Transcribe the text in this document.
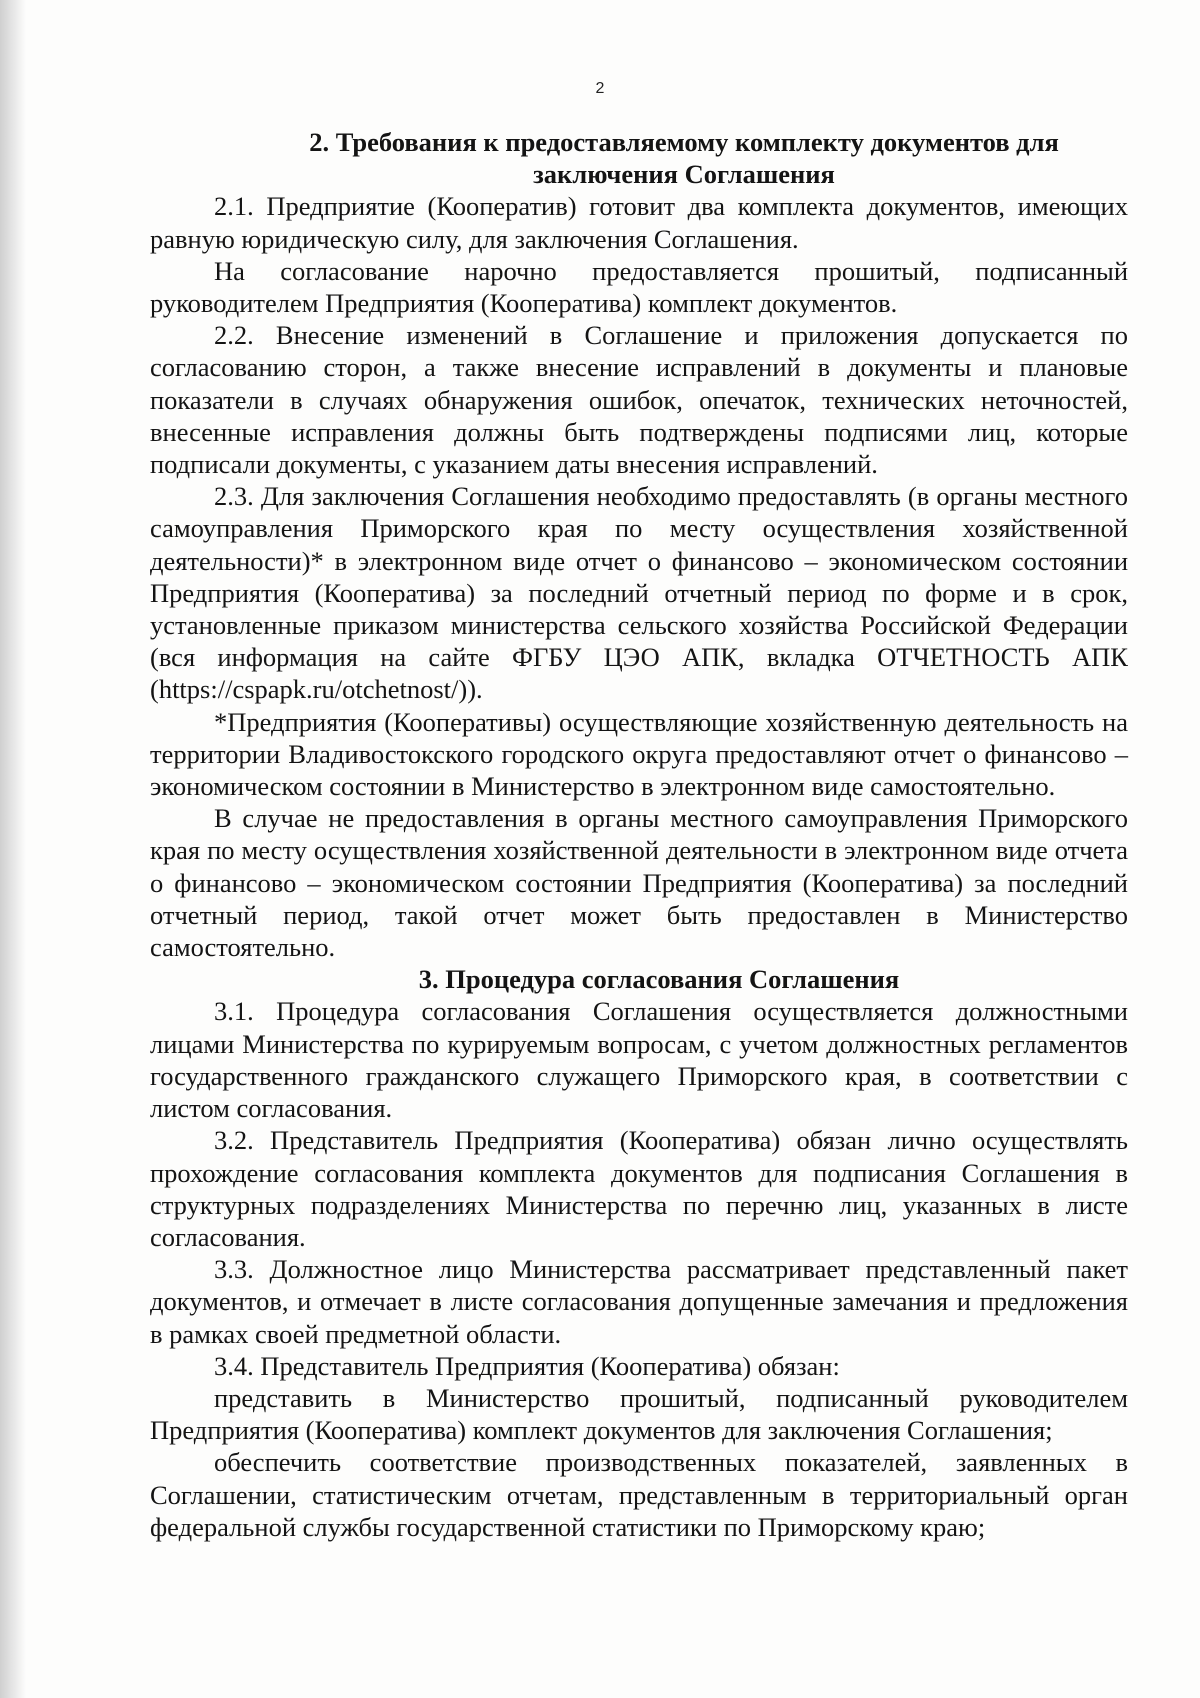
2
2. Требования к предоставляемому комплекту документов для
заключения Соглашения

2.1. Предприятие (Кооператив) готовит два комплекта документов, имеющих равную юридическую силу, для заключения Соглашения.

На согласование нарочно предоставляется прошитый, подписанный руководителем Предприятия (Кооператива) комплект документов.

2.2. Внесение изменений в Соглашение и приложения допускается по согласованию сторон, а также внесение исправлений в документы и плановые показатели в случаях обнаружения ошибок, опечаток, технических неточностей, внесенные исправления должны быть подтверждены подписями лиц, которые подписали документы, с указанием даты внесения исправлений.

2.3. Для заключения Соглашения необходимо предоставлять (в органы местного самоуправления Приморского края по месту осуществления хозяйственной деятельности)* в электронном виде отчет о финансово – экономическом состоянии Предприятия (Кооператива) за последний отчетный период по форме и в срок, установленные приказом министерства сельского хозяйства Российской Федерации (вся информация на сайте ФГБУ ЦЭО АПК, вкладка ОТЧЕТНОСТЬ АПК (https://cspapk.ru/otchetnost/)).

*Предприятия (Кооперативы) осуществляющие хозяйственную деятельность на территории Владивостокского городского округа предоставляют отчет о финансово – экономическом состоянии в Министерство в электронном виде самостоятельно.

В случае не предоставления в органы местного самоуправления Приморского края по месту осуществления хозяйственной деятельности в электронном виде отчета о финансово – экономическом состоянии Предприятия (Кооператива) за последний отчетный период, такой отчет может быть предоставлен в Министерство самостоятельно.

3. Процедура согласования Соглашения

3.1. Процедура согласования Соглашения осуществляется должностными лицами Министерства по курируемым вопросам, с учетом должностных регламентов государственного гражданского служащего Приморского края, в соответствии с листом согласования.

3.2. Представитель Предприятия (Кооператива) обязан лично осуществлять прохождение согласования комплекта документов для подписания Соглашения в структурных подразделениях Министерства по перечню лиц, указанных в листе согласования.

3.3. Должностное лицо Министерства рассматривает представленный пакет документов, и отмечает в листе согласования допущенные замечания и предложения в рамках своей предметной области.

3.4. Представитель Предприятия (Кооператива) обязан:

представить в Министерство прошитый, подписанный руководителем Предприятия (Кооператива) комплект документов для заключения Соглашения;

обеспечить соответствие производственных показателей, заявленных в Соглашении, статистическим отчетам, представленным в территориальный орган федеральной службы государственной статистики по Приморскому краю;
